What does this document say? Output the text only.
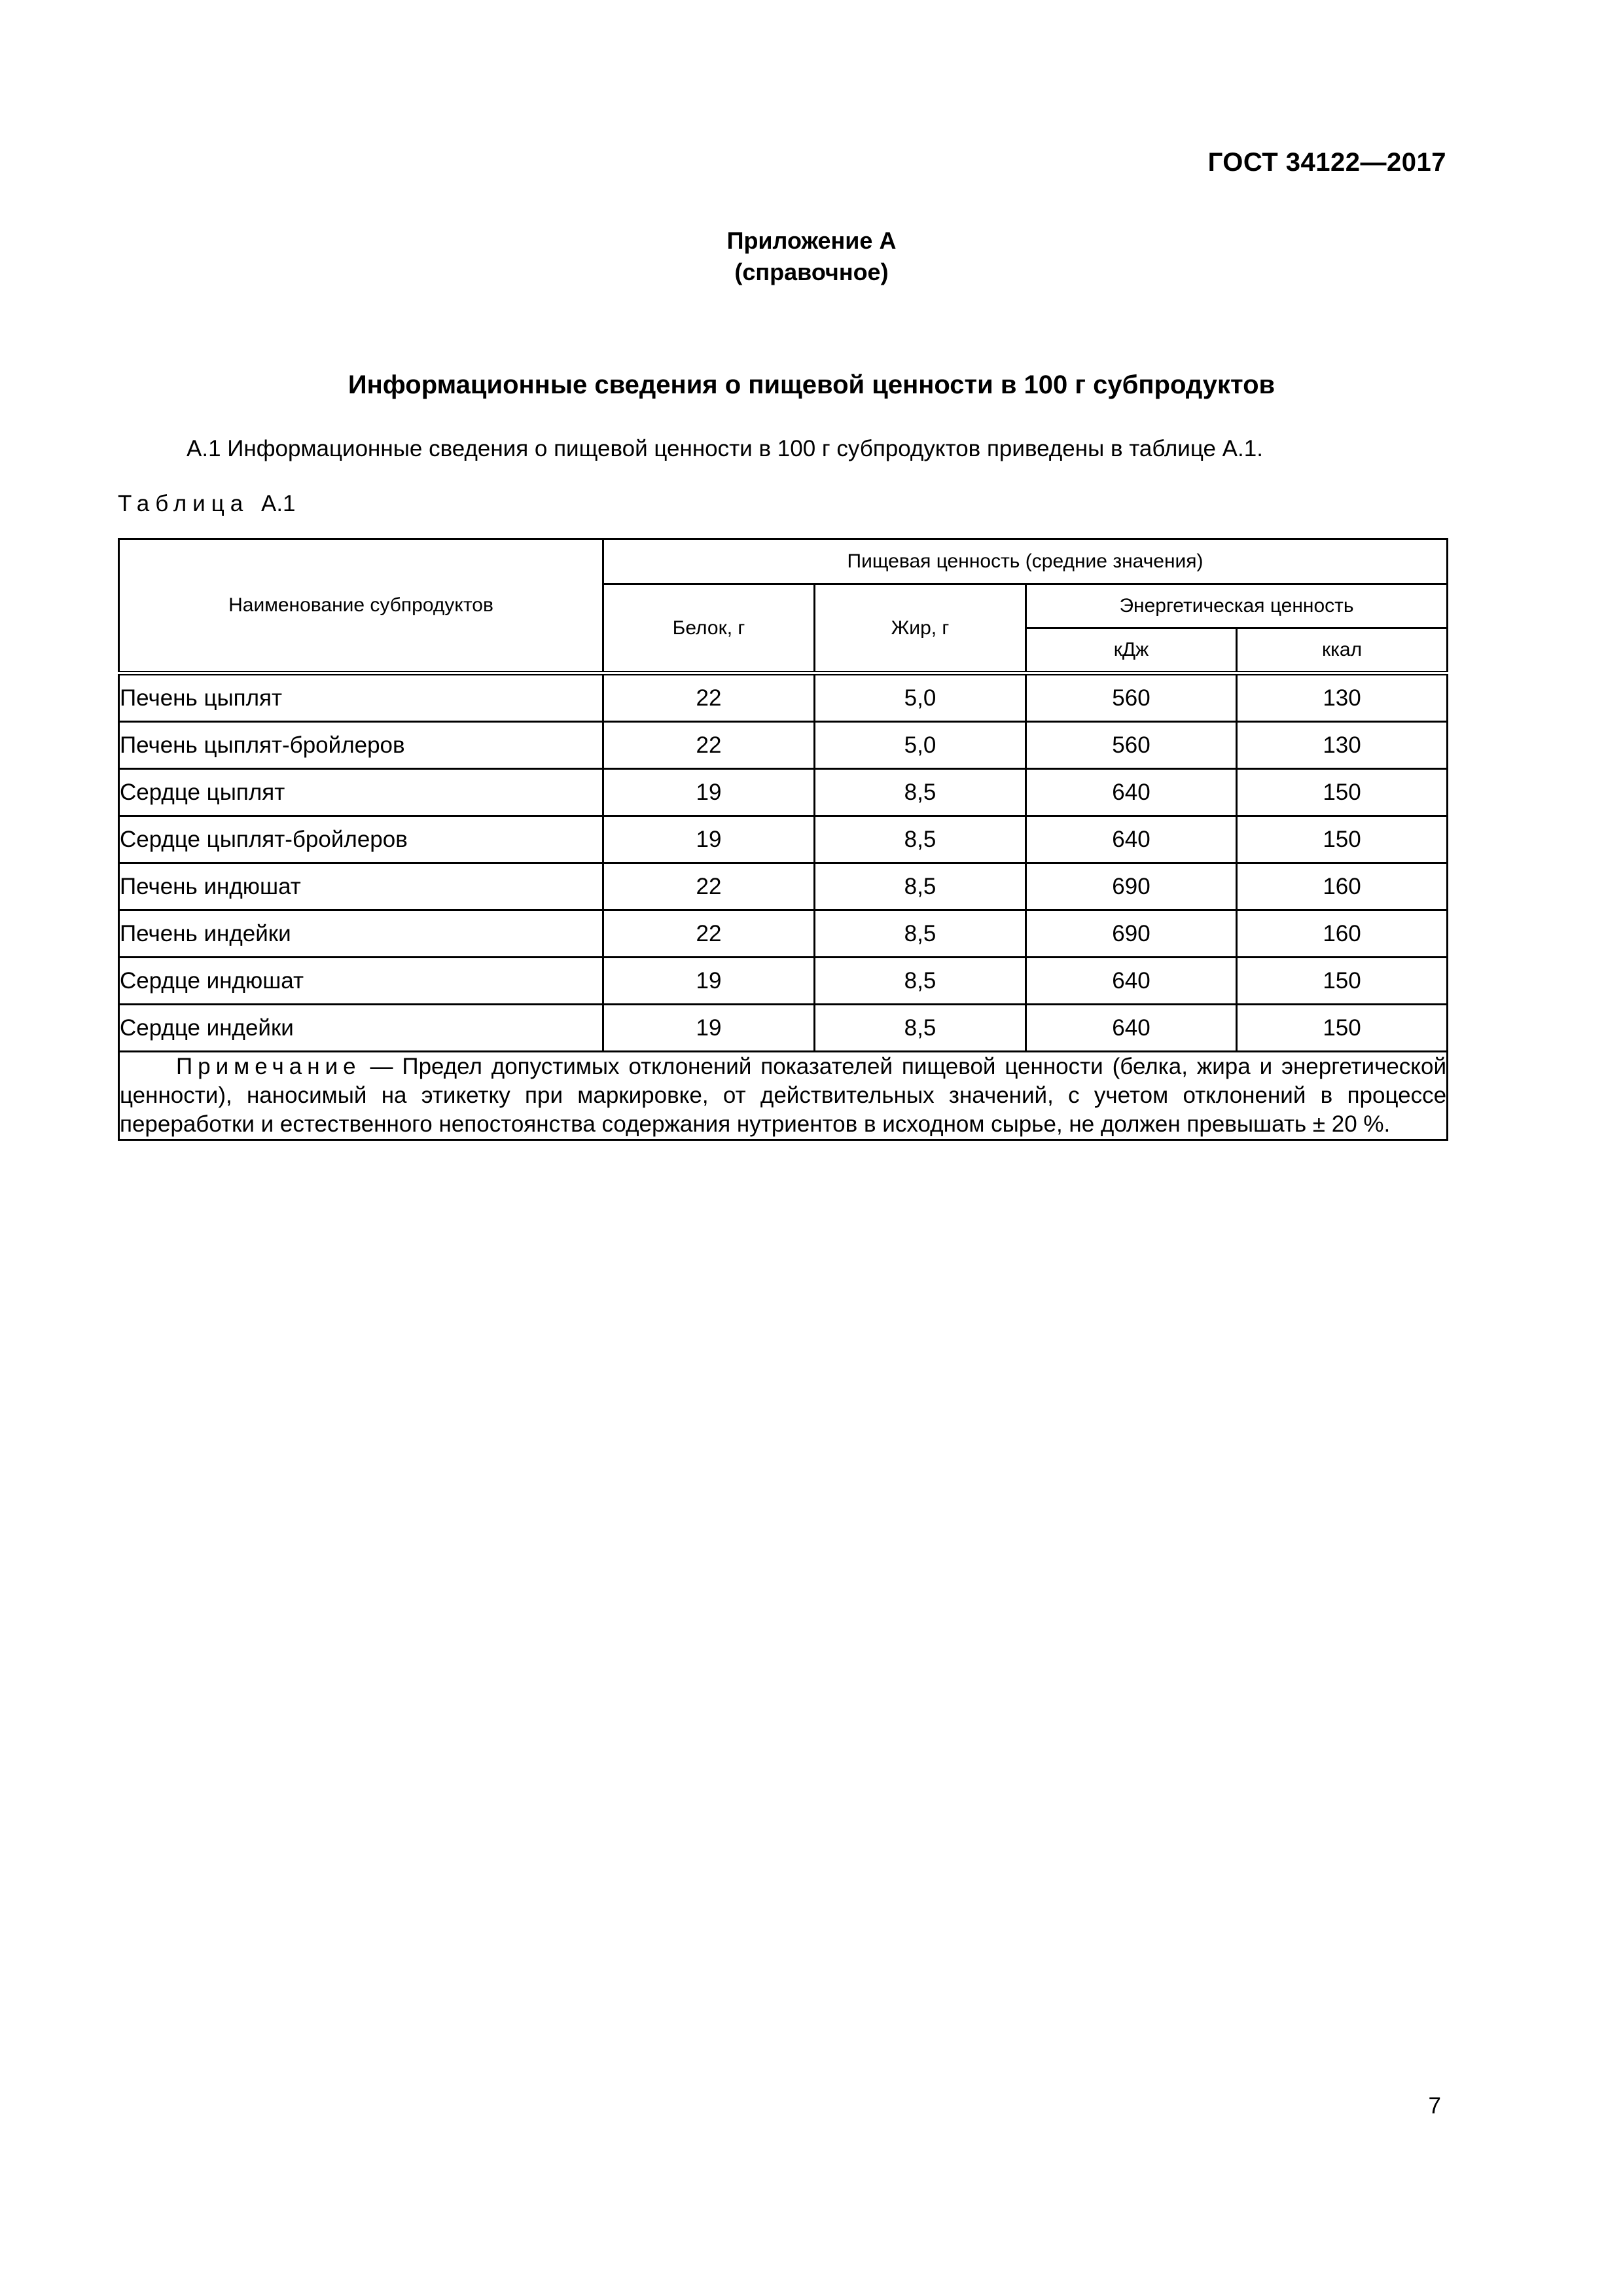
ГОСТ 34122—2017
Приложение А
(справочное)
Информационные сведения о пищевой ценности в 100 г субпродуктов
А.1 Информационные сведения о пищевой ценности в 100 г субпродуктов приведены в таблице А.1.
Таблица А.1
Наименование субпродуктов	Пищевая ценность (средние значения)			
	Белок, г	Жир, г	Энергетическая ценность	
			кДж	ккал
Печень цыплят	22	5,0	560	130
Печень цыплят-бройлеров	22	5,0	560	130
Сердце цыплят	19	8,5	640	150
Сердце цыплят-бройлеров	19	8,5	640	150
Печень индюшат	22	8,5	690	160
Печень индейки	22	8,5	690	160
Сердце индюшат	19	8,5	640	150
Сердце индейки	19	8,5	640	150
Примечание — Предел допустимых отклонений показателей пищевой ценности (белка, жира и энергетической ценности), наносимый на этикетку при маркировке, от действительных значений, с учетом отклонений в процессе переработки и естественного непостоянства содержания нутриентов в исходном сырье, не должен превышать ± 20 %.				
7
